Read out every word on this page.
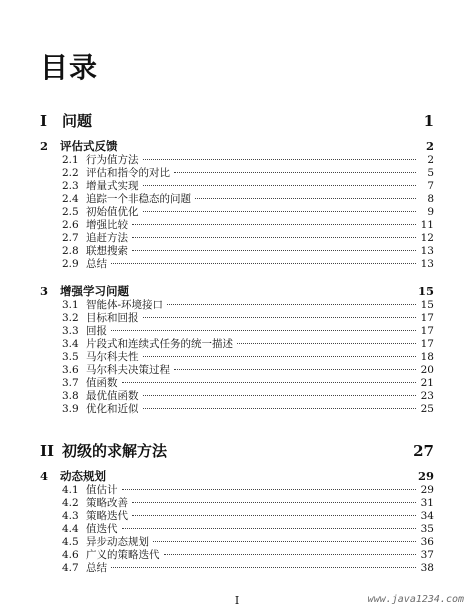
目录
I 问题	1
2	评估式反馈	2
2.1 行为值方法	2
2.2 评估和指令的对比	5
2.3 增量式实现	7
2.4 追踪一个非稳态的问题	8
2.5 初始值优化	9
2.6 增强比较	11
2.7 追赶方法	12
2.8 联想搜索	13
2.9 总结	13
3	增强学习问题	15
3.1 智能体-环境接口	15
3.2 目标和回报	17
3.3 回报	17
3.4 片段式和连续式任务的统一描述	17
3.5 马尔科夫性	18
3.6 马尔科夫决策过程	20
3.7 值函数	21
3.8 最优值函数	23
3.9 优化和近似	25
II 初级的求解方法	27
4	动态规划	29
4.1 值估计	29
4.2 策略改善	31
4.3 策略迭代	34
4.4 值迭代	35
4.5 异步动态规划	36
4.6 广义的策略迭代	37
4.7 总结	38
I	www.java1234.com
